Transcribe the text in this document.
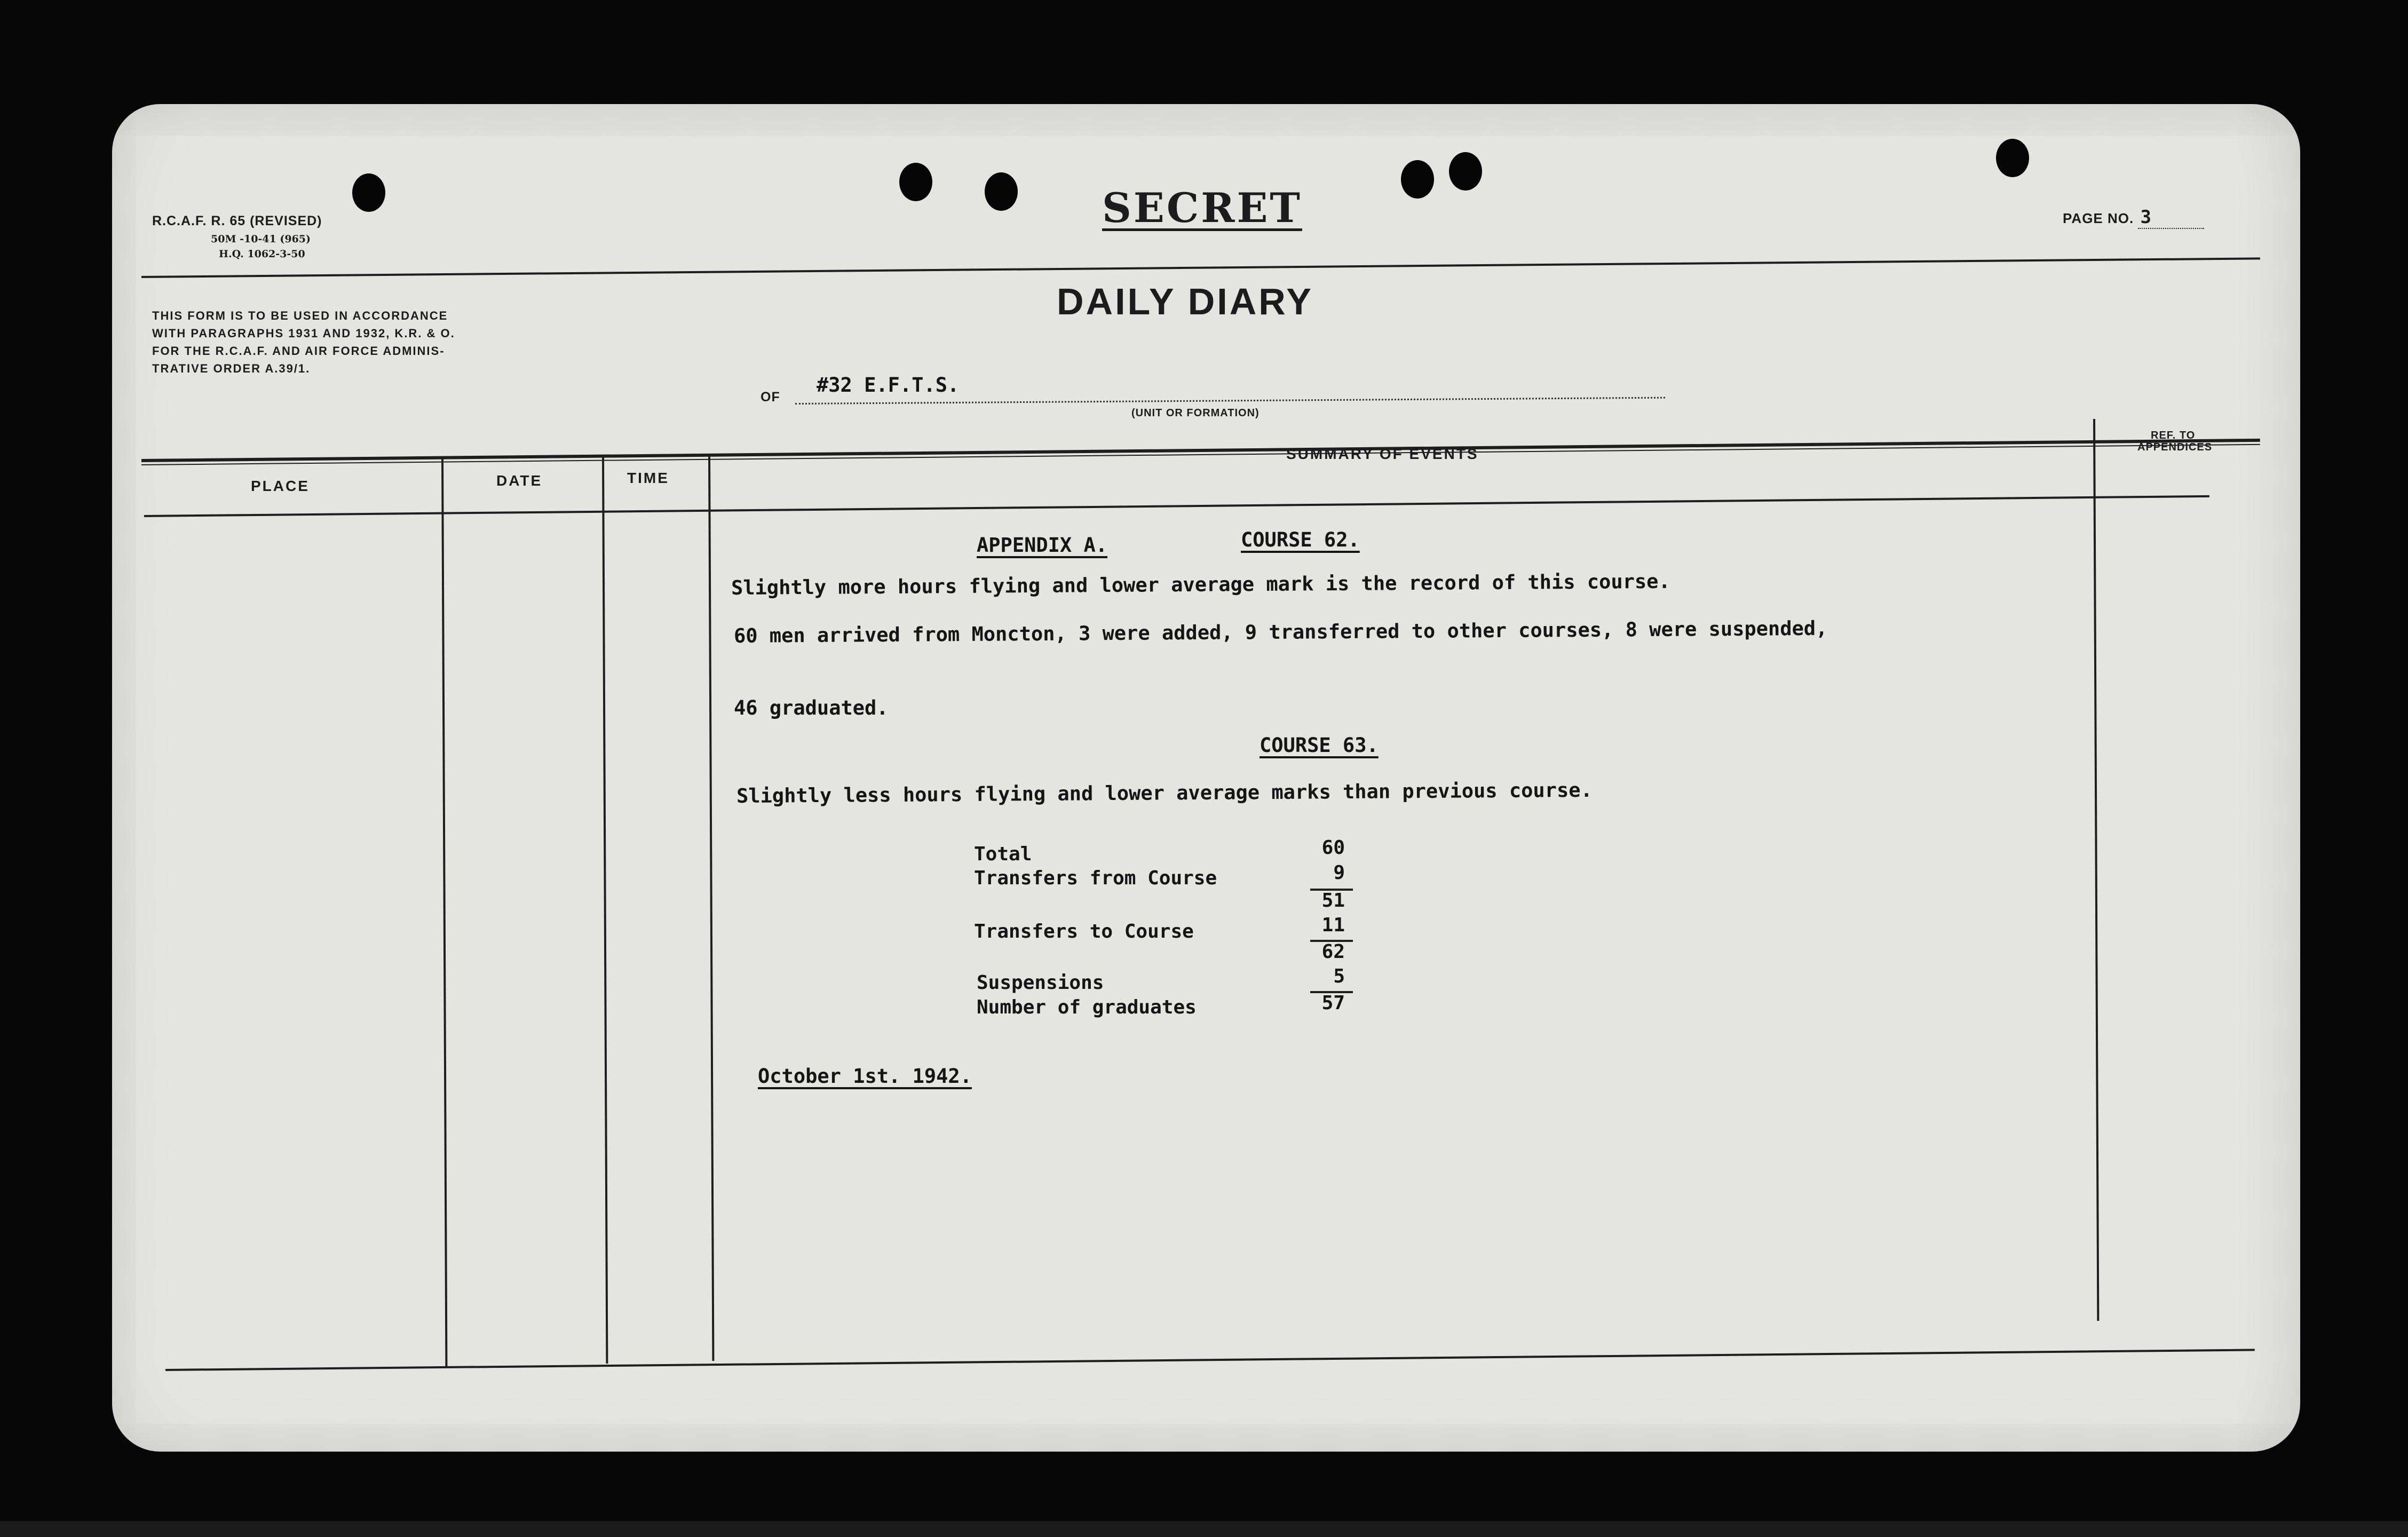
R.C.A.F. R. 65 (REVISED)
50M -10-41 (965)
H.Q. 1062-3-50
SECRET	PAGE NO. 3
THIS FORM IS TO BE USED IN ACCORDANCE
WITH PARAGRAPHS 1931 AND 1932, K.R. & O.
FOR THE R.C.A.F. AND AIR FORCE ADMINIS-
TRATIVE ORDER A.39/1.
DAILY DIARY
OF
#32 E.F.T.S.
(UNIT OR FORMATION)
PLACE	DATE	TIME
SUMMARY OF EVENTS
REF. TO
APPENDICES
APPENDIX A.	COURSE 62.
Slightly more hours flying and lower average mark is the record of this course.
60 men arrived from Moncton, 3 were added, 9 transferred to other courses, 8 were suspended,
46 graduated.
COURSE 63.
Slightly less hours flying and lower average marks than previous course.
Total	60
Transfers from Course	9
51
Transfers to Course	11
62
Suspensions	5
Number of graduates	57
October 1st. 1942.
